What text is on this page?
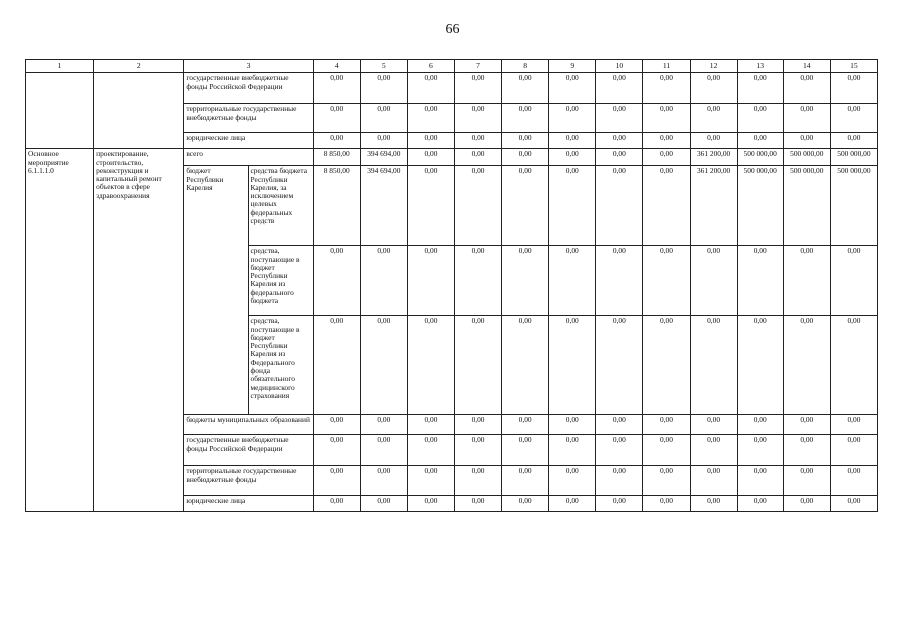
66
1	2	3		4	5	6	7	8	9	10	11	12	13	14	15
		государственные внебюджетные фонды Российской Федерации		0,00	0,00	0,00	0,00	0,00	0,00	0,00	0,00	0,00	0,00	0,00	0,00
		территориальные государственные внебюджетные фонды		0,00	0,00	0,00	0,00	0,00	0,00	0,00	0,00	0,00	0,00	0,00	0,00
		юридические лица		0,00	0,00	0,00	0,00	0,00	0,00	0,00	0,00	0,00	0,00	0,00	0,00
Основное мероприятие 6.1.1.1.0	проектирование, строительство, реконструкция и капитальный ремонт объектов в сфере здравоохранения	всего		8 850,00	394 694,00	0,00	0,00	0,00	0,00	0,00	0,00	361 200,00	500 000,00	500 000,00	500 000,00
		бюджет Республики Карелия	средства бюджета Республики Карелия, за исключением целевых федеральных средств	8 850,00	394 694,00	0,00	0,00	0,00	0,00	0,00	0,00	361 200,00	500 000,00	500 000,00	500 000,00
			средства, поступающие в бюджет Республики Карелия из федерального бюджета	0,00	0,00	0,00	0,00	0,00	0,00	0,00	0,00	0,00	0,00	0,00	0,00
			средства, поступающие в бюджет Республики Карелия из Федерального фонда обязательного медицинского страхования	0,00	0,00	0,00	0,00	0,00	0,00	0,00	0,00	0,00	0,00	0,00	0,00
		бюджеты муниципальных образований		0,00	0,00	0,00	0,00	0,00	0,00	0,00	0,00	0,00	0,00	0,00	0,00
		государственные внебюджетные фонды Российской Федерации		0,00	0,00	0,00	0,00	0,00	0,00	0,00	0,00	0,00	0,00	0,00	0,00
		территориальные государственные внебюджетные фонды		0,00	0,00	0,00	0,00	0,00	0,00	0,00	0,00	0,00	0,00	0,00	0,00
		юридические лица		0,00	0,00	0,00	0,00	0,00	0,00	0,00	0,00	0,00	0,00	0,00	0,00
